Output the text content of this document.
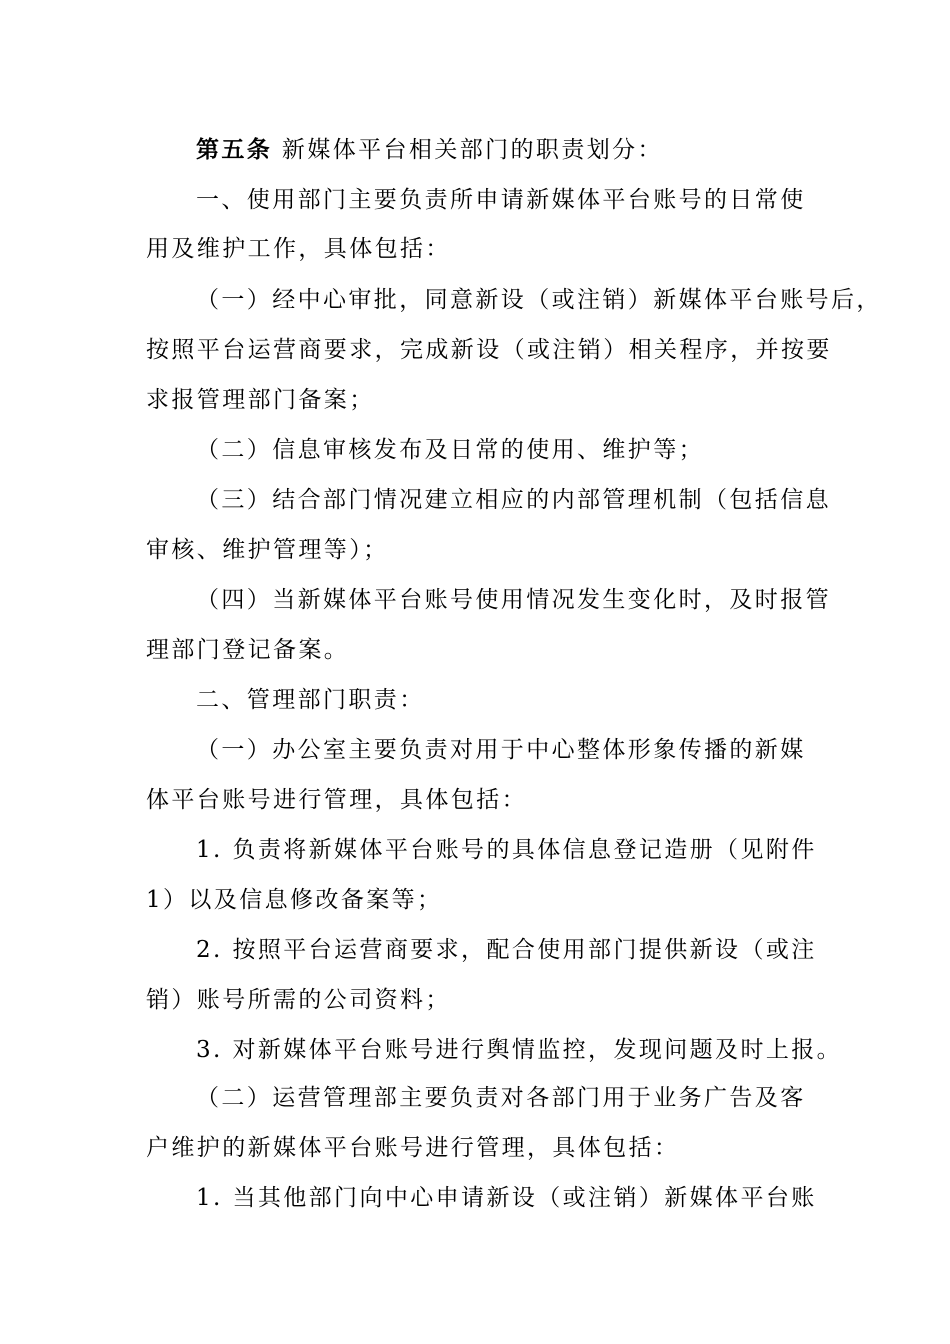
第五条 新媒体平台相关部门的职责划分：
一、使用部门主要负责所申请新媒体平台账号的日常使
用及维护工作，具体包括：
（一）经中心审批，同意新设（或注销）新媒体平台账号后，
按照平台运营商要求，完成新设（或注销）相关程序，并按要
求报管理部门备案；
（二）信息审核发布及日常的使用、维护等；
（三）结合部门情况建立相应的内部管理机制（包括信息
审核、维护管理等）；
（四）当新媒体平台账号使用情况发生变化时，及时报管
理部门登记备案。
二、管理部门职责：
（一）办公室主要负责对用于中心整体形象传播的新媒
体平台账号进行管理，具体包括：
1. 负责将新媒体平台账号的具体信息登记造册（见附件
1）以及信息修改备案等；
2. 按照平台运营商要求，配合使用部门提供新设（或注
销）账号所需的公司资料；
3. 对新媒体平台账号进行舆情监控，发现问题及时上报。
（二）运营管理部主要负责对各部门用于业务广告及客
户维护的新媒体平台账号进行管理，具体包括：
1. 当其他部门向中心申请新设（或注销）新媒体平台账
